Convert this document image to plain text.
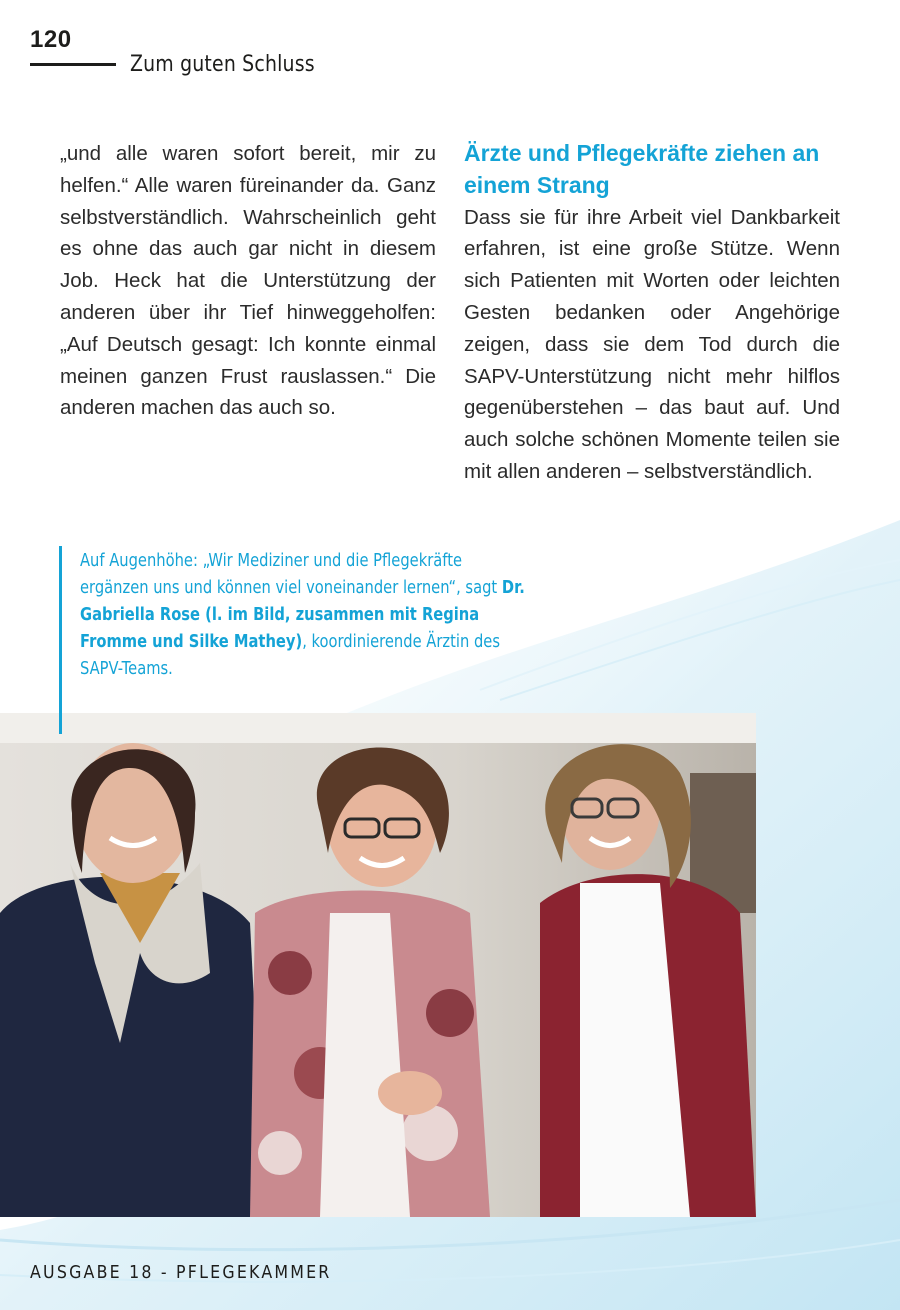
120
Zum guten Schluss

„und alle waren sofort bereit, mir zu helfen.“ Alle waren füreinander da. Ganz selbstverständlich. Wahrscheinlich geht es ohne das auch gar nicht in diesem Job. Heck hat die Unterstützung der anderen über ihr Tief hinweggeholfen: „Auf Deutsch gesagt: Ich konnte einmal meinen ganzen Frust rauslassen.“ Die anderen machen das auch so.

Ärzte und Pflegekräfte ziehen an einem Strang

Dass sie für ihre Arbeit viel Dankbarkeit erfahren, ist eine große Stütze. Wenn sich Patienten mit Worten oder leichten Gesten bedanken oder Angehörige zeigen, dass sie dem Tod durch die SAPV-Unterstützung nicht mehr hilflos gegenüberstehen – das baut auf. Und auch solche schönen Momente teilen sie mit allen anderen – selbstverständlich.

Auf Augenhöhe: „Wir Mediziner und die Pflegekräfte ergänzen uns und können viel voneinander lernen“, sagt Dr. Gabriella Rose (l. im Bild, zusammen mit Regina Fromme und Silke Mathey), koordinierende Ärztin des SAPV-Teams.
AUSGABE 18 - PFLEGEKAMMER
